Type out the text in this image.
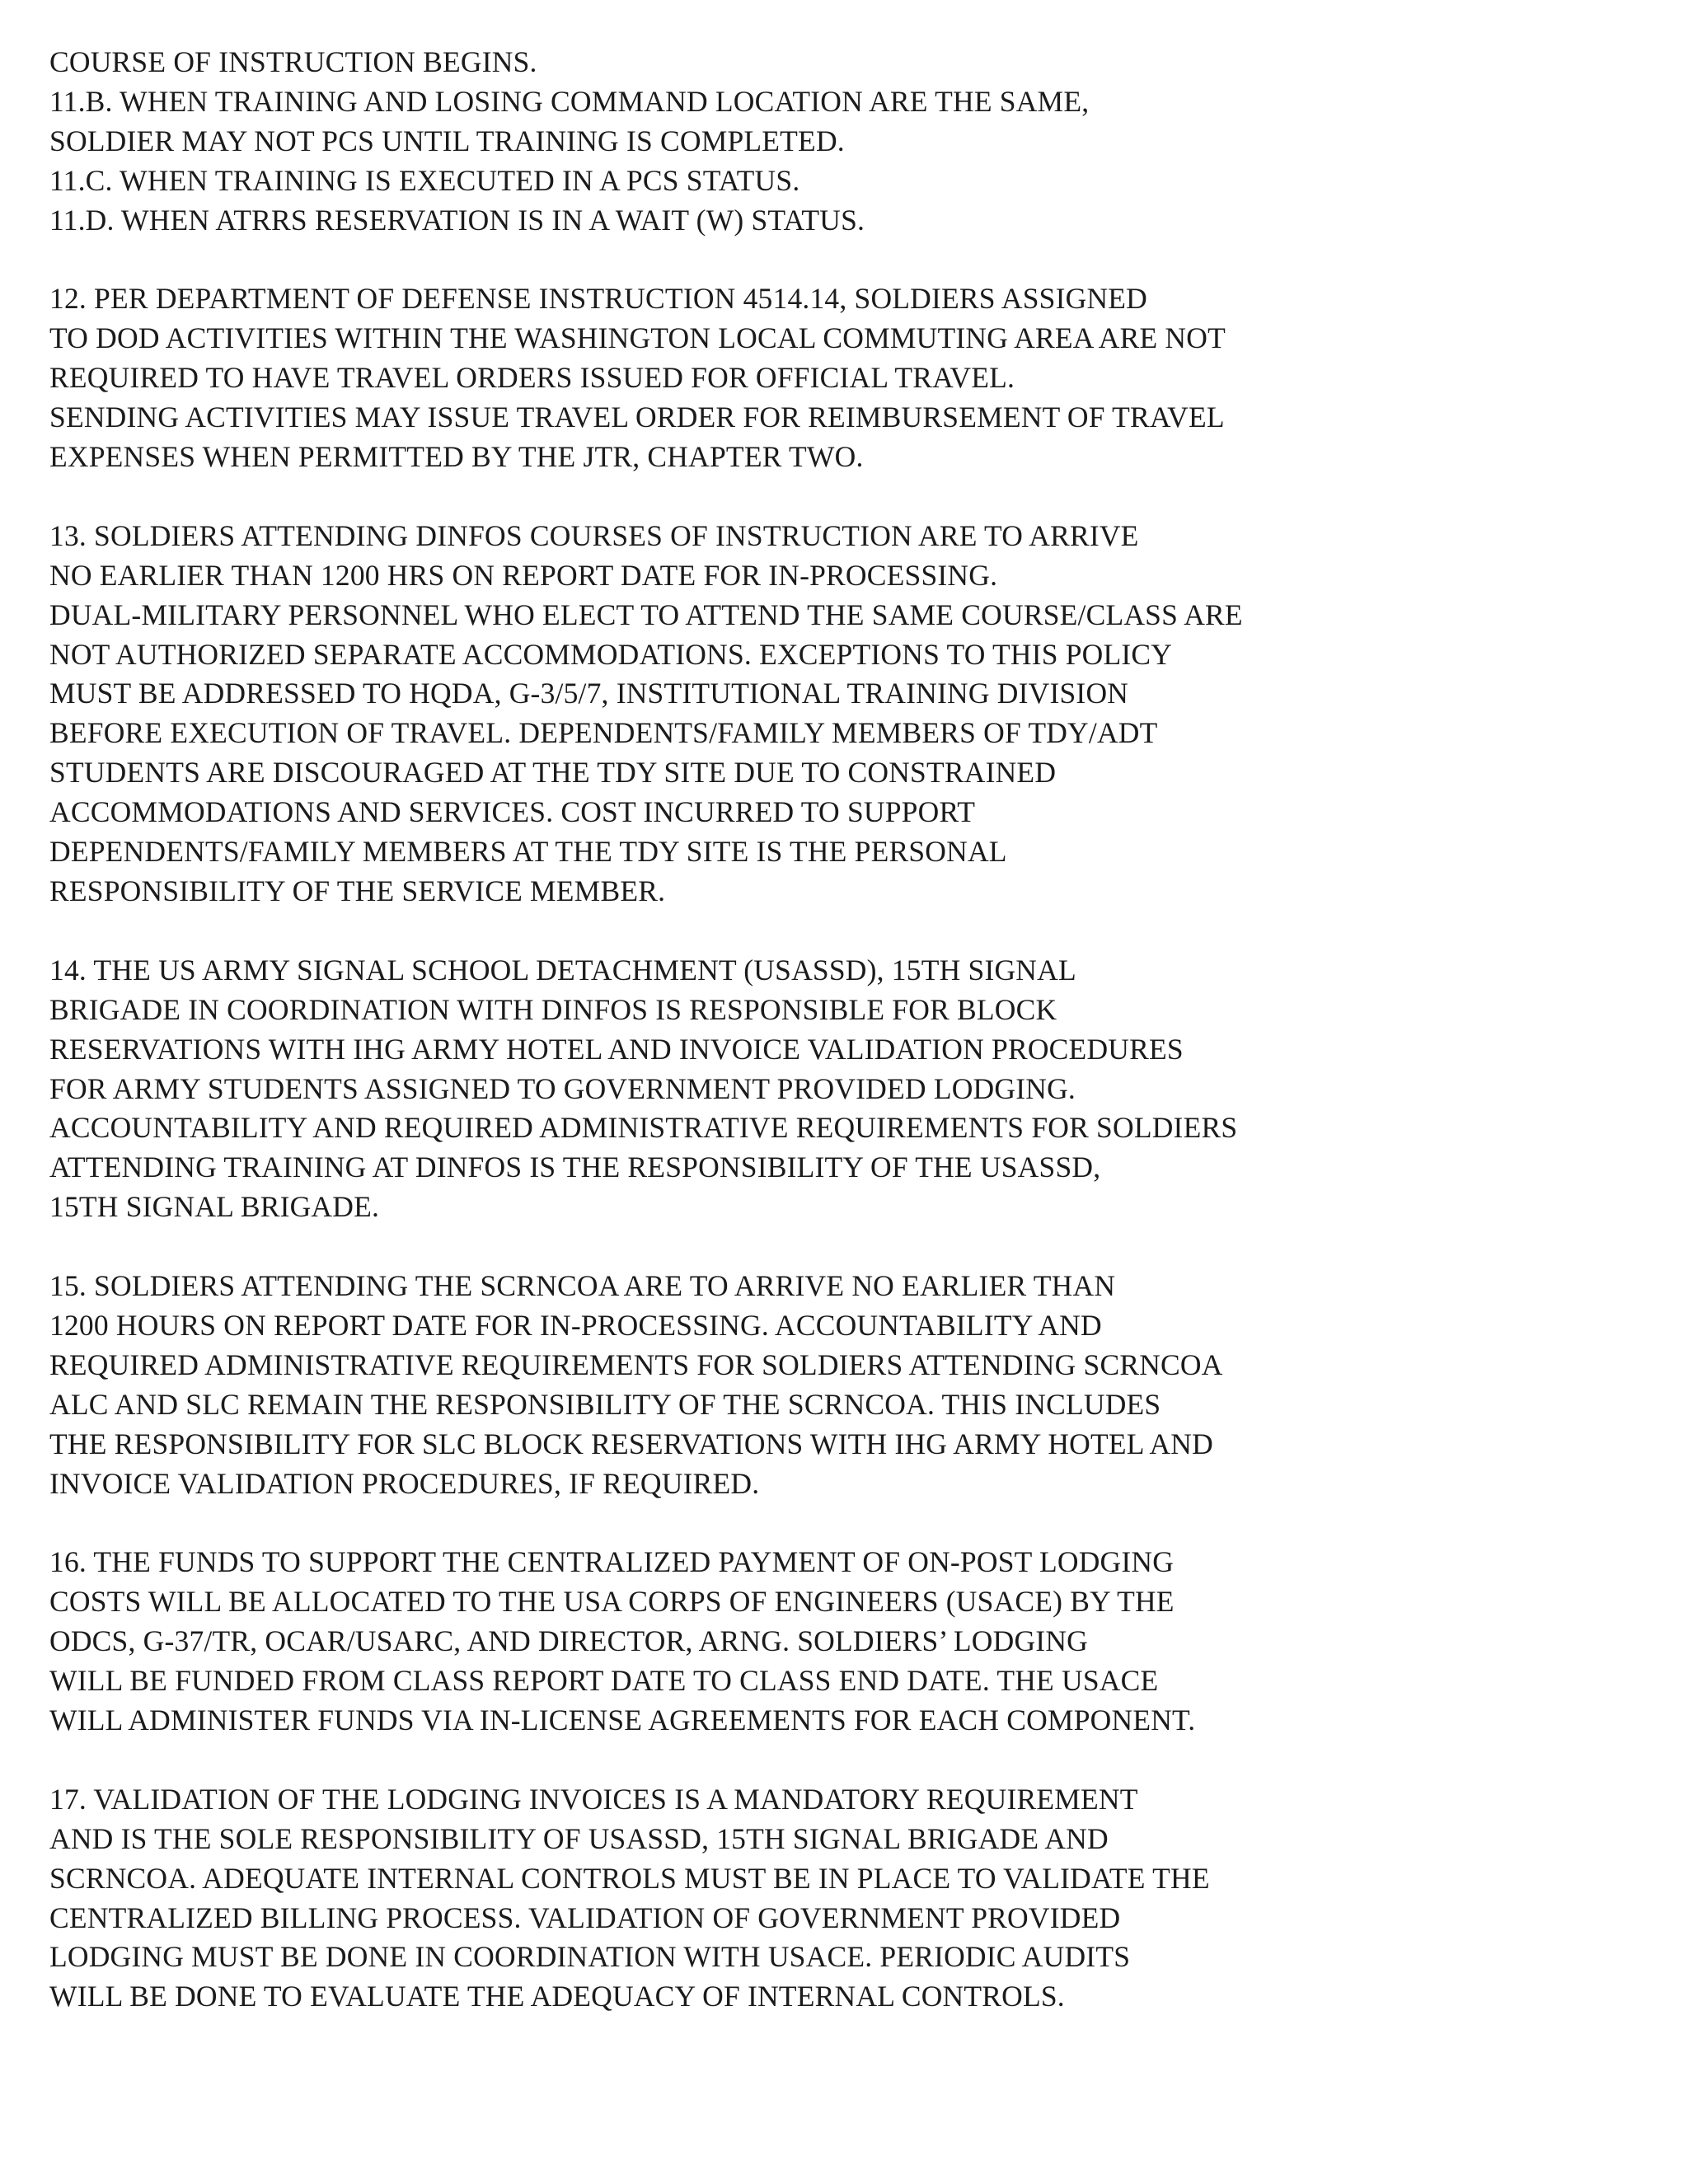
COURSE OF INSTRUCTION BEGINS.
11.B. WHEN TRAINING AND LOSING COMMAND LOCATION ARE THE SAME,
SOLDIER MAY NOT PCS UNTIL TRAINING IS COMPLETED.
11.C. WHEN TRAINING IS EXECUTED IN A PCS STATUS.
11.D. WHEN ATRRS RESERVATION IS IN A WAIT (W) STATUS.
12. PER DEPARTMENT OF DEFENSE INSTRUCTION 4514.14, SOLDIERS ASSIGNED
TO DOD ACTIVITIES WITHIN THE WASHINGTON LOCAL COMMUTING AREA ARE NOT
REQUIRED TO HAVE TRAVEL ORDERS ISSUED FOR OFFICIAL TRAVEL.
SENDING ACTIVITIES MAY ISSUE TRAVEL ORDER FOR REIMBURSEMENT OF TRAVEL
EXPENSES WHEN PERMITTED BY THE JTR, CHAPTER TWO.
13. SOLDIERS ATTENDING DINFOS COURSES OF INSTRUCTION ARE TO ARRIVE
NO EARLIER THAN 1200 HRS ON REPORT DATE FOR IN-PROCESSING.
DUAL-MILITARY PERSONNEL WHO ELECT TO ATTEND THE SAME COURSE/CLASS ARE
NOT AUTHORIZED SEPARATE ACCOMMODATIONS. EXCEPTIONS TO THIS POLICY
MUST BE ADDRESSED TO HQDA, G-3/5/7, INSTITUTIONAL TRAINING DIVISION
BEFORE EXECUTION OF TRAVEL. DEPENDENTS/FAMILY MEMBERS OF TDY/ADT
STUDENTS ARE DISCOURAGED AT THE TDY SITE DUE TO CONSTRAINED
ACCOMMODATIONS AND SERVICES. COST INCURRED TO SUPPORT
DEPENDENTS/FAMILY MEMBERS AT THE TDY SITE IS THE PERSONAL
RESPONSIBILITY OF THE SERVICE MEMBER.
14. THE US ARMY SIGNAL SCHOOL DETACHMENT (USASSD), 15TH SIGNAL
BRIGADE IN COORDINATION WITH DINFOS IS RESPONSIBLE FOR BLOCK
RESERVATIONS WITH IHG ARMY HOTEL AND INVOICE VALIDATION PROCEDURES
FOR ARMY STUDENTS ASSIGNED TO GOVERNMENT PROVIDED LODGING.
ACCOUNTABILITY AND REQUIRED ADMINISTRATIVE REQUIREMENTS FOR SOLDIERS
ATTENDING TRAINING AT DINFOS IS THE RESPONSIBILITY OF THE USASSD,
15TH SIGNAL BRIGADE.
15. SOLDIERS ATTENDING THE SCRNCOA ARE TO ARRIVE NO EARLIER THAN
1200 HOURS ON REPORT DATE FOR IN-PROCESSING. ACCOUNTABILITY AND
REQUIRED ADMINISTRATIVE REQUIREMENTS FOR SOLDIERS ATTENDING SCRNCOA
ALC AND SLC REMAIN THE RESPONSIBILITY OF THE SCRNCOA. THIS INCLUDES
THE RESPONSIBILITY FOR SLC BLOCK RESERVATIONS WITH IHG ARMY HOTEL AND
INVOICE VALIDATION PROCEDURES, IF REQUIRED.
16. THE FUNDS TO SUPPORT THE CENTRALIZED PAYMENT OF ON-POST LODGING
COSTS WILL BE ALLOCATED TO THE USA CORPS OF ENGINEERS (USACE) BY THE
ODCS, G-37/TR, OCAR/USARC, AND DIRECTOR, ARNG. SOLDIERS’ LODGING
WILL BE FUNDED FROM CLASS REPORT DATE TO CLASS END DATE. THE USACE
WILL ADMINISTER FUNDS VIA IN-LICENSE AGREEMENTS FOR EACH COMPONENT.
17. VALIDATION OF THE LODGING INVOICES IS A MANDATORY REQUIREMENT
AND IS THE SOLE RESPONSIBILITY OF USASSD, 15TH SIGNAL BRIGADE AND
SCRNCOA. ADEQUATE INTERNAL CONTROLS MUST BE IN PLACE TO VALIDATE THE
CENTRALIZED BILLING PROCESS. VALIDATION OF GOVERNMENT PROVIDED
LODGING MUST BE DONE IN COORDINATION WITH USACE. PERIODIC AUDITS
WILL BE DONE TO EVALUATE THE ADEQUACY OF INTERNAL CONTROLS.
